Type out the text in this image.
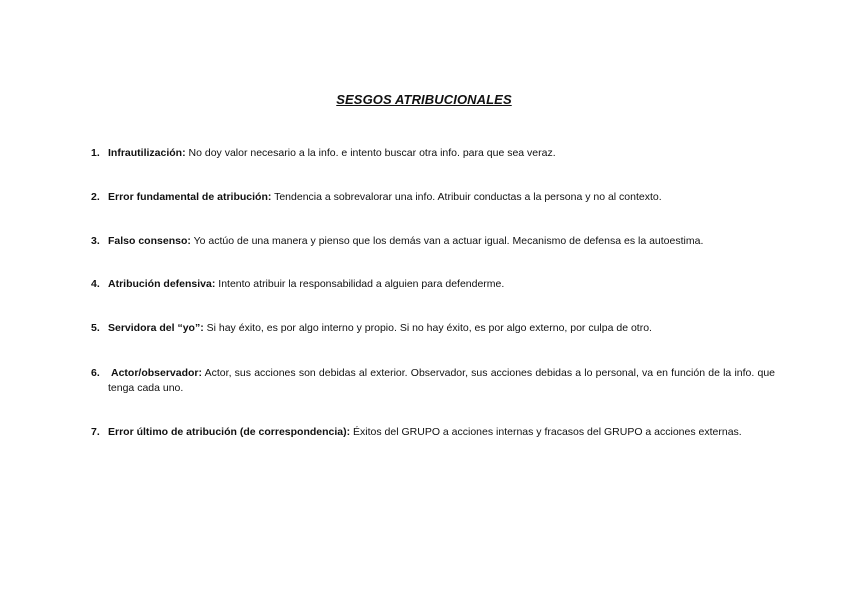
SESGOS ATRIBUCIONALES
1. Infrautilización: No doy valor necesario a la info. e intento buscar otra info. para que sea veraz.
2. Error fundamental de atribución: Tendencia a sobrevalorar una info. Atribuir conductas a la persona y no al contexto.
3. Falso consenso: Yo actúo de una manera y pienso que los demás van a actuar igual. Mecanismo de defensa es la autoestima.
4. Atribución defensiva: Intento atribuir la responsabilidad a alguien para defenderme.
5. Servidora del “yo”: Si hay éxito, es por algo interno y propio. Si no hay éxito, es por algo externo, por culpa de otro.
6. Actor/observador: Actor, sus acciones son debidas al exterior. Observador, sus acciones debidas a lo personal, va en función de la info. que tenga cada uno.
7. Error último de atribución (de correspondencia): Éxitos del GRUPO a acciones internas y fracasos del GRUPO a acciones externas.
